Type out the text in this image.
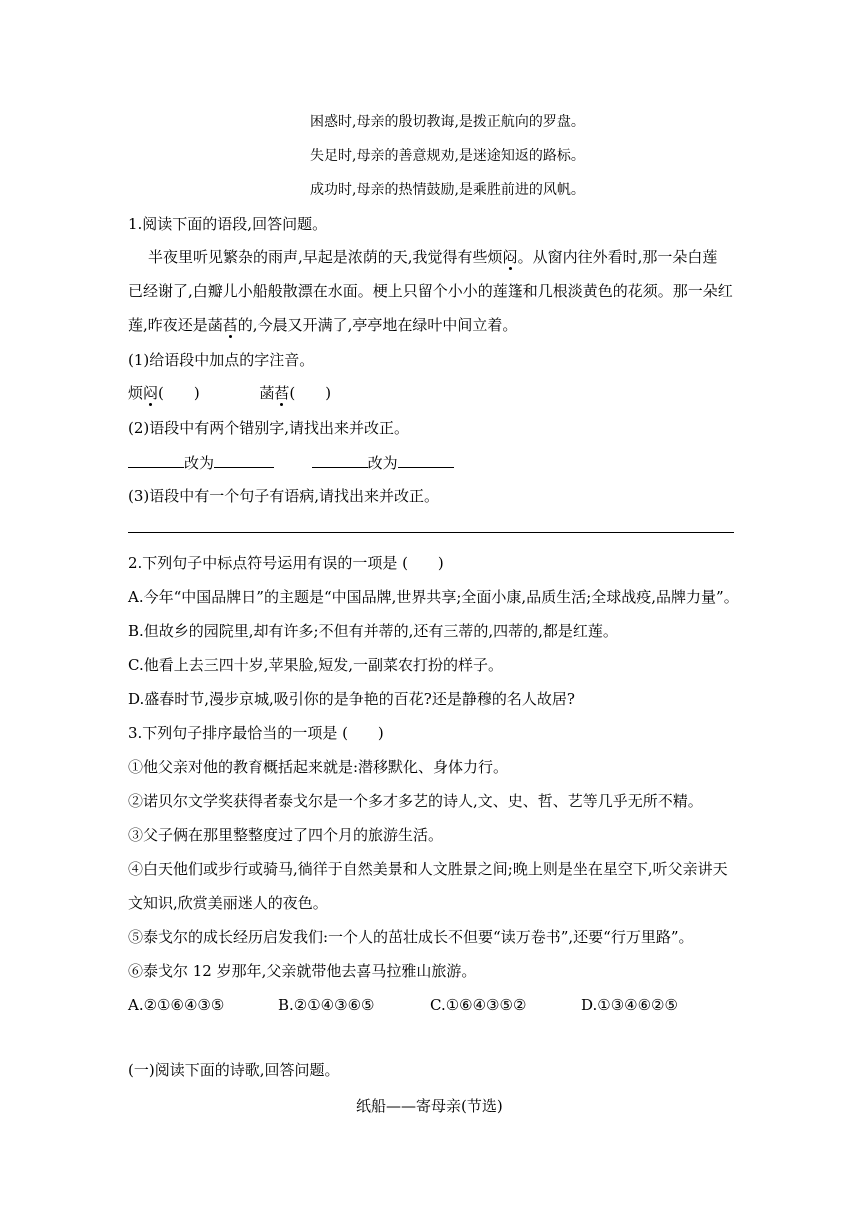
困惑时,母亲的殷切教诲,是拨正航向的罗盘。
失足时,母亲的善意规劝,是迷途知返的路标。
成功时,母亲的热情鼓励,是乘胜前进的风帆。
1.阅读下面的语段,回答问题。
半夜里听见繁杂的雨声,早起是浓荫的天,我觉得有些烦闷。从窗内往外看时,那一朵白莲
已经谢了,白瓣儿小船般散漂在水面。梗上只留个小小的莲篷和几根淡黄色的花须。那一朵红
莲,昨夜还是菡萏的,今晨又开满了,亭亭地在绿叶中间立着。
(1)给语段中加点的字注音。
烦闷(　　)	菡萏(　　)
(2)语段中有两个错别字,请找出来并改正。
改为	改为
(3)语段中有一个句子有语病,请找出来并改正。
2.下列句子中标点符号运用有误的一项是 (　　)
A.今年“中国品牌日”的主题是“中国品牌,世界共享;全面小康,品质生活;全球战疫,品牌力量”。
B.但故乡的园院里,却有许多;不但有并蒂的,还有三蒂的,四蒂的,都是红莲。
C.他看上去三四十岁,苹果脸,短发,一副菜农打扮的样子。
D.盛春时节,漫步京城,吸引你的是争艳的百花?还是静穆的名人故居?
3.下列句子排序最恰当的一项是 (　　)
①他父亲对他的教育概括起来就是:潜移默化、身体力行。
②诺贝尔文学奖获得者泰戈尔是一个多才多艺的诗人,文、史、哲、艺等几乎无所不精。
③父子俩在那里整整度过了四个月的旅游生活。
④白天他们或步行或骑马,徜徉于自然美景和人文胜景之间;晚上则是坐在星空下,听父亲讲天
文知识,欣赏美丽迷人的夜色。
⑤泰戈尔的成长经历启发我们:一个人的茁壮成长不但要“读万卷书”,还要“行万里路”。
⑥泰戈尔 12 岁那年,父亲就带他去喜马拉雅山旅游。
A.②①⑥④③⑤	B.②①④③⑥⑤	C.①⑥④③⑤②	D.①③④⑥②⑤
(一)阅读下面的诗歌,回答问题。
纸船——寄母亲(节选)
